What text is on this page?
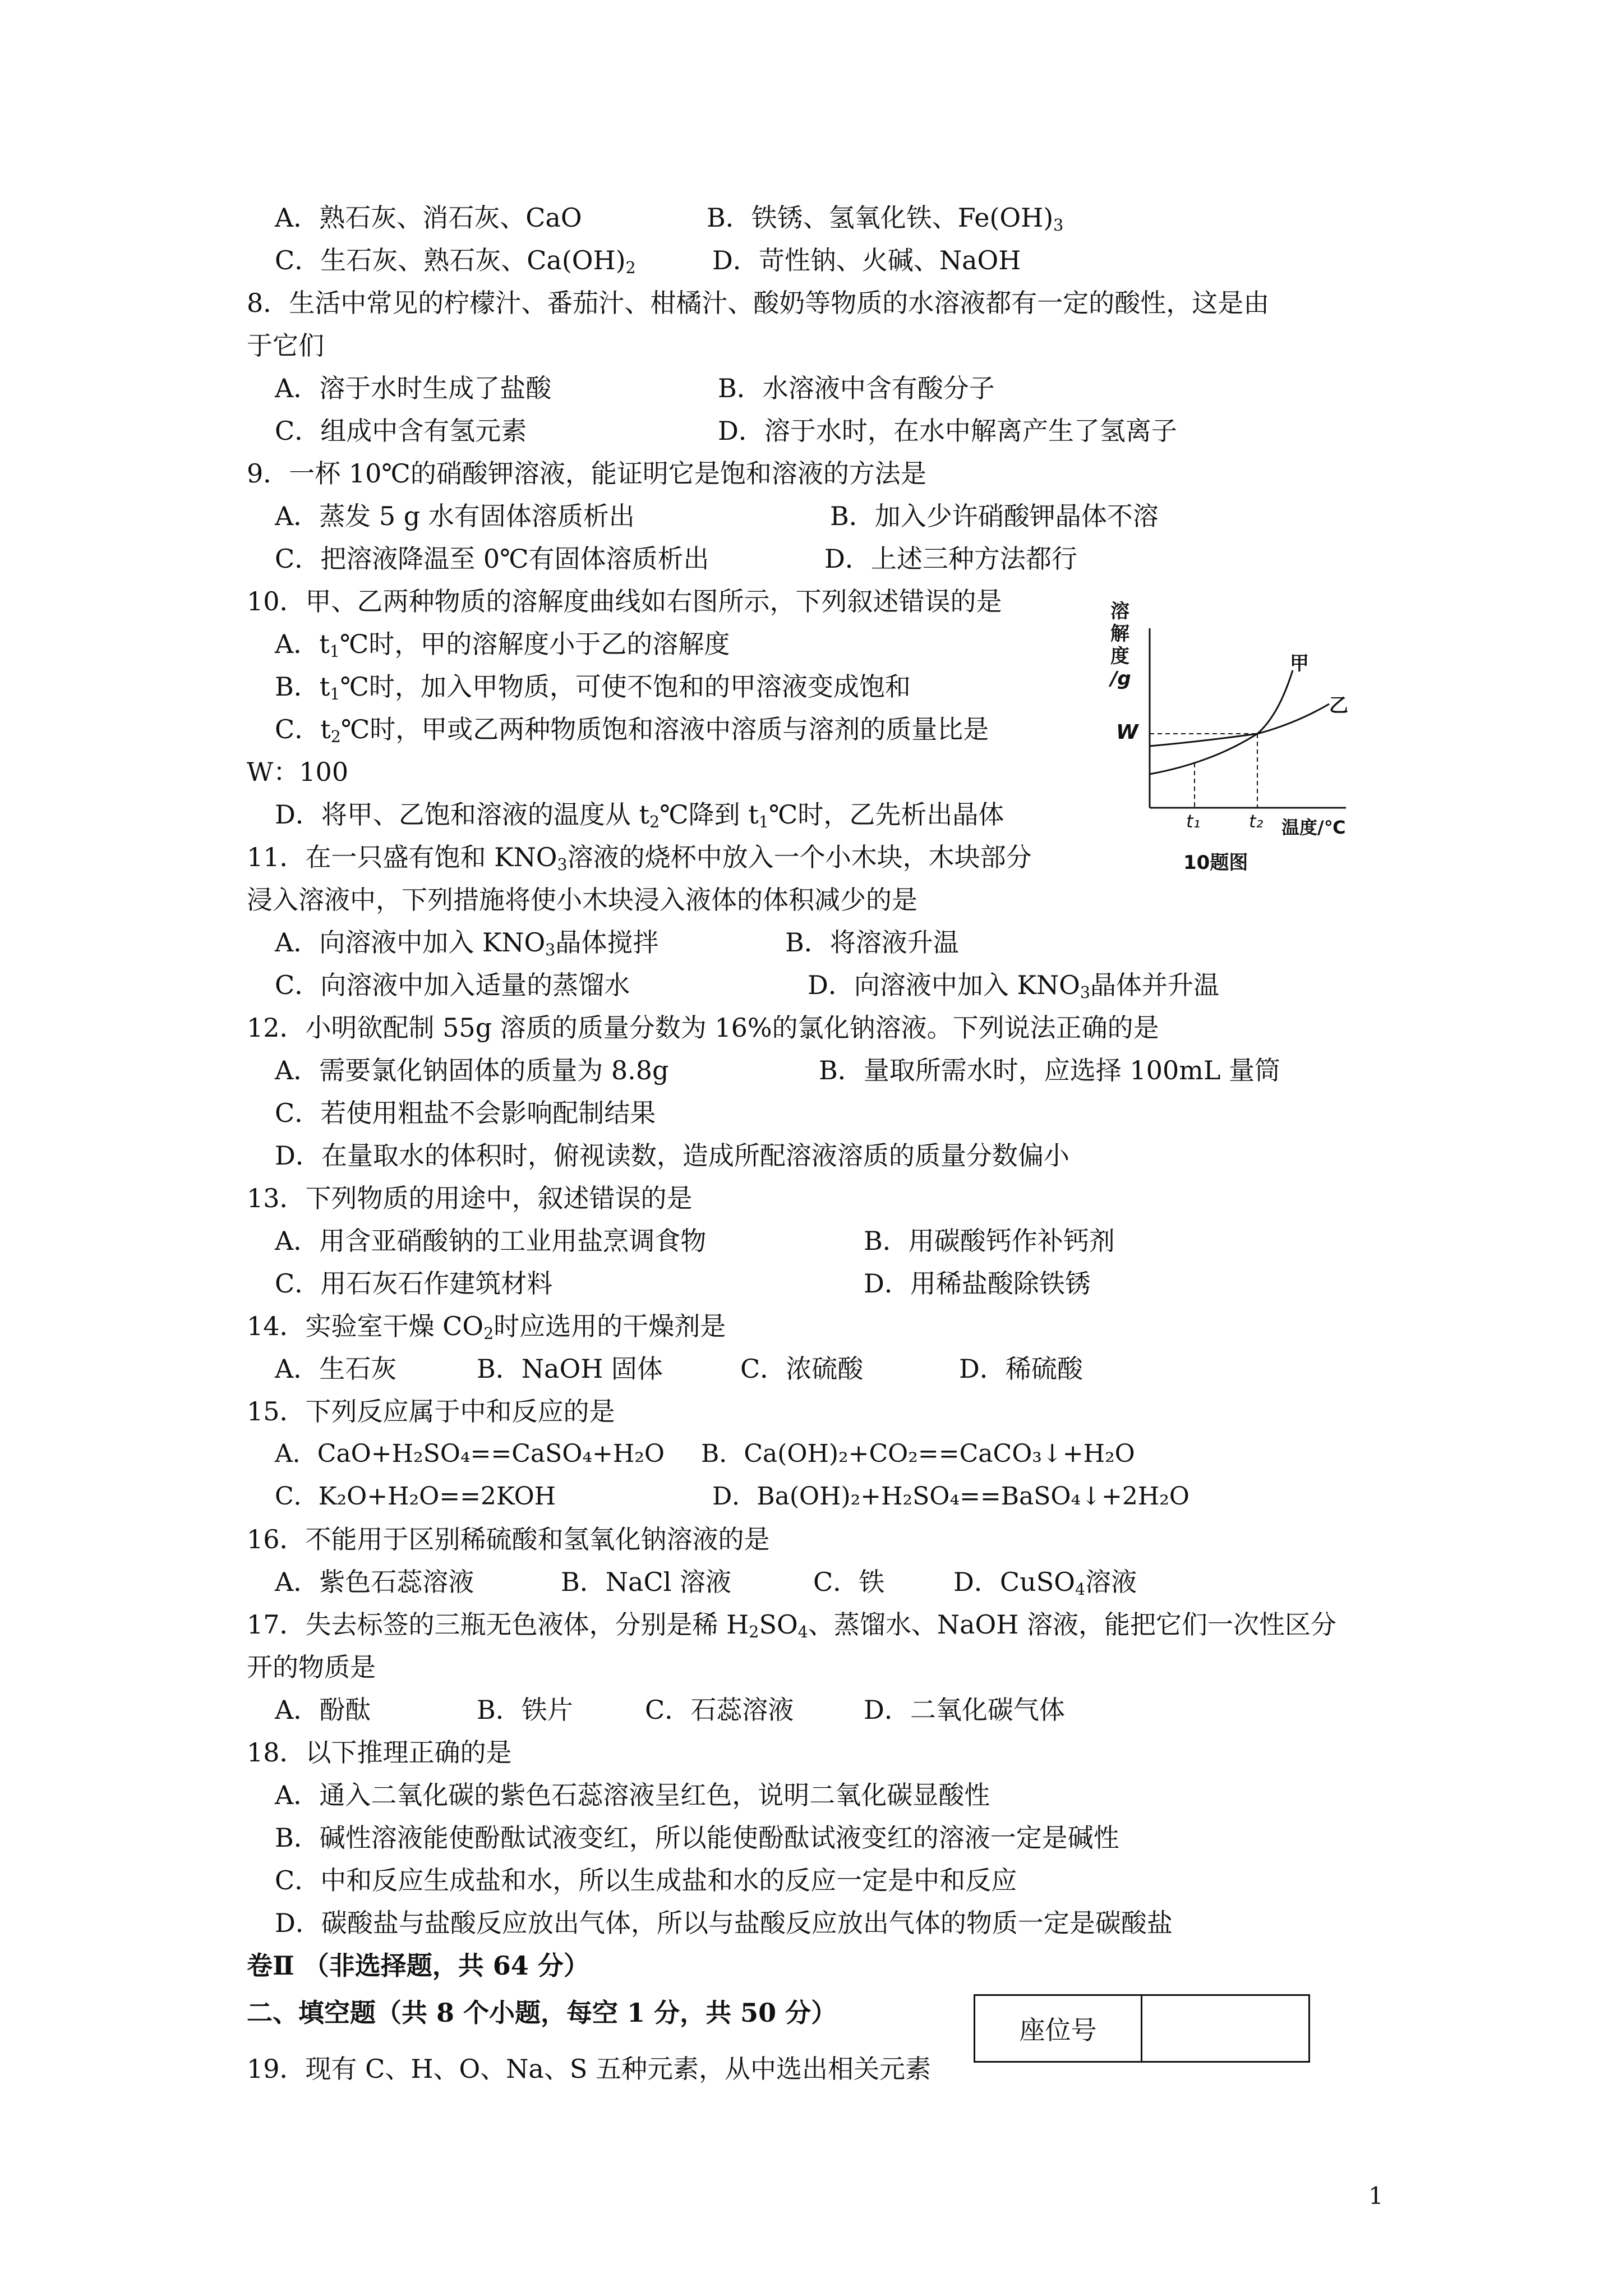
A．熟石灰、消石灰、CaO	B．铁锈、氢氧化铁、$Fe(OH)_3$
C．生石灰、熟石灰、$Ca(OH)_2$	D．苛性钠、火碱、NaOH
8．生活中常见的柠檬汁、番茄汁、柑橘汁、酸奶等物质的水溶液都有一定的酸性，这是由
于它们
A．溶于水时生成了盐酸	B．水溶液中含有酸分子
C．组成中含有氢元素	D．溶于水时，在水中解离产生了氢离子
9．一杯 10℃的硝酸钾溶液，能证明它是饱和溶液的方法是
A．蒸发 5 g 水有固体溶质析出	B．加入少许硝酸钾晶体不溶
C．把溶液降温至 0℃有固体溶质析出	D．上述三种方法都行
10．甲、乙两种物质的溶解度曲线如右图所示，下列叙述错误的是
A．$t_1℃$时，甲的溶解度小于乙的溶解度
B．$t_1℃$时，加入甲物质，可使不饱和的甲溶液变成饱和
C．$t_2℃$时，甲或乙两种物质饱和溶液中溶质与溶剂的质量比是
W：100
D．将甲、乙饱和溶液的温度从 $t_2℃$降到 $t_1℃$时，乙先析出晶体
溶
解
度
/g
W
甲
乙
t₁	t₂ 温度/℃
10题图
11．在一只盛有饱和 $KNO_3$溶液的烧杯中放入一个小木块，木块部分
浸入溶液中，下列措施将使小木块浸入液体的体积减少的是
A．向溶液中加入 $KNO_3$晶体搅拌	B．将溶液升温
C．向溶液中加入适量的蒸馏水	D．向溶液中加入 $KNO_3$晶体并升温
12．小明欲配制 55g 溶质的质量分数为 16%的氯化钠溶液。下列说法正确的是
A．需要氯化钠固体的质量为 8.8g	B．量取所需水时，应选择 100mL 量筒
C．若使用粗盐不会影响配制结果
D．在量取水的体积时，俯视读数，造成所配溶液溶质的质量分数偏小
13．下列物质的用途中，叙述错误的是
A．用含亚硝酸钠的工业用盐烹调食物	B．用碳酸钙作补钙剂
C．用石灰石作建筑材料	D．用稀盐酸除铁锈
14．实验室干燥 $CO_2$时应选用的干燥剂是
A．生石灰	B．NaOH 固体	C．浓硫酸	D．稀硫酸
15．下列反应属于中和反应的是
A．CaO+H₂SO₄==CaSO₄+H₂O B．Ca(OH)₂+CO₂==CaCO₃↓+H₂O
C．K₂O+H₂O==2KOH	D．Ba(OH)₂+H₂SO₄==BaSO₄↓+2H₂O
16．不能用于区别稀硫酸和氢氧化钠溶液的是
A．紫色石蕊溶液	B．NaCl 溶液	C．铁	D．CuSO$_4$溶液
17．失去标签的三瓶无色液体，分别是稀 $H_2SO_4$、蒸馏水、NaOH 溶液，能把它们一次性区分
开的物质是
A．酚酞	B．铁片	C．石蕊溶液	D．二氧化碳气体
18．以下推理正确的是
A．通入二氧化碳的紫色石蕊溶液呈红色，说明二氧化碳显酸性
B．碱性溶液能使酚酞试液变红，所以能使酚酞试液变红的溶液一定是碱性
C．中和反应生成盐和水，所以生成盐和水的反应一定是中和反应
D．碳酸盐与盐酸反应放出气体，所以与盐酸反应放出气体的物质一定是碳酸盐
卷Ⅱ （非选择题，共 64 分）
二、填空题（共 8 个小题，每空 1 分，共 50 分）
座位号
19．现有 C、H、O、Na、S 五种元素，从中选出相关元素
1
